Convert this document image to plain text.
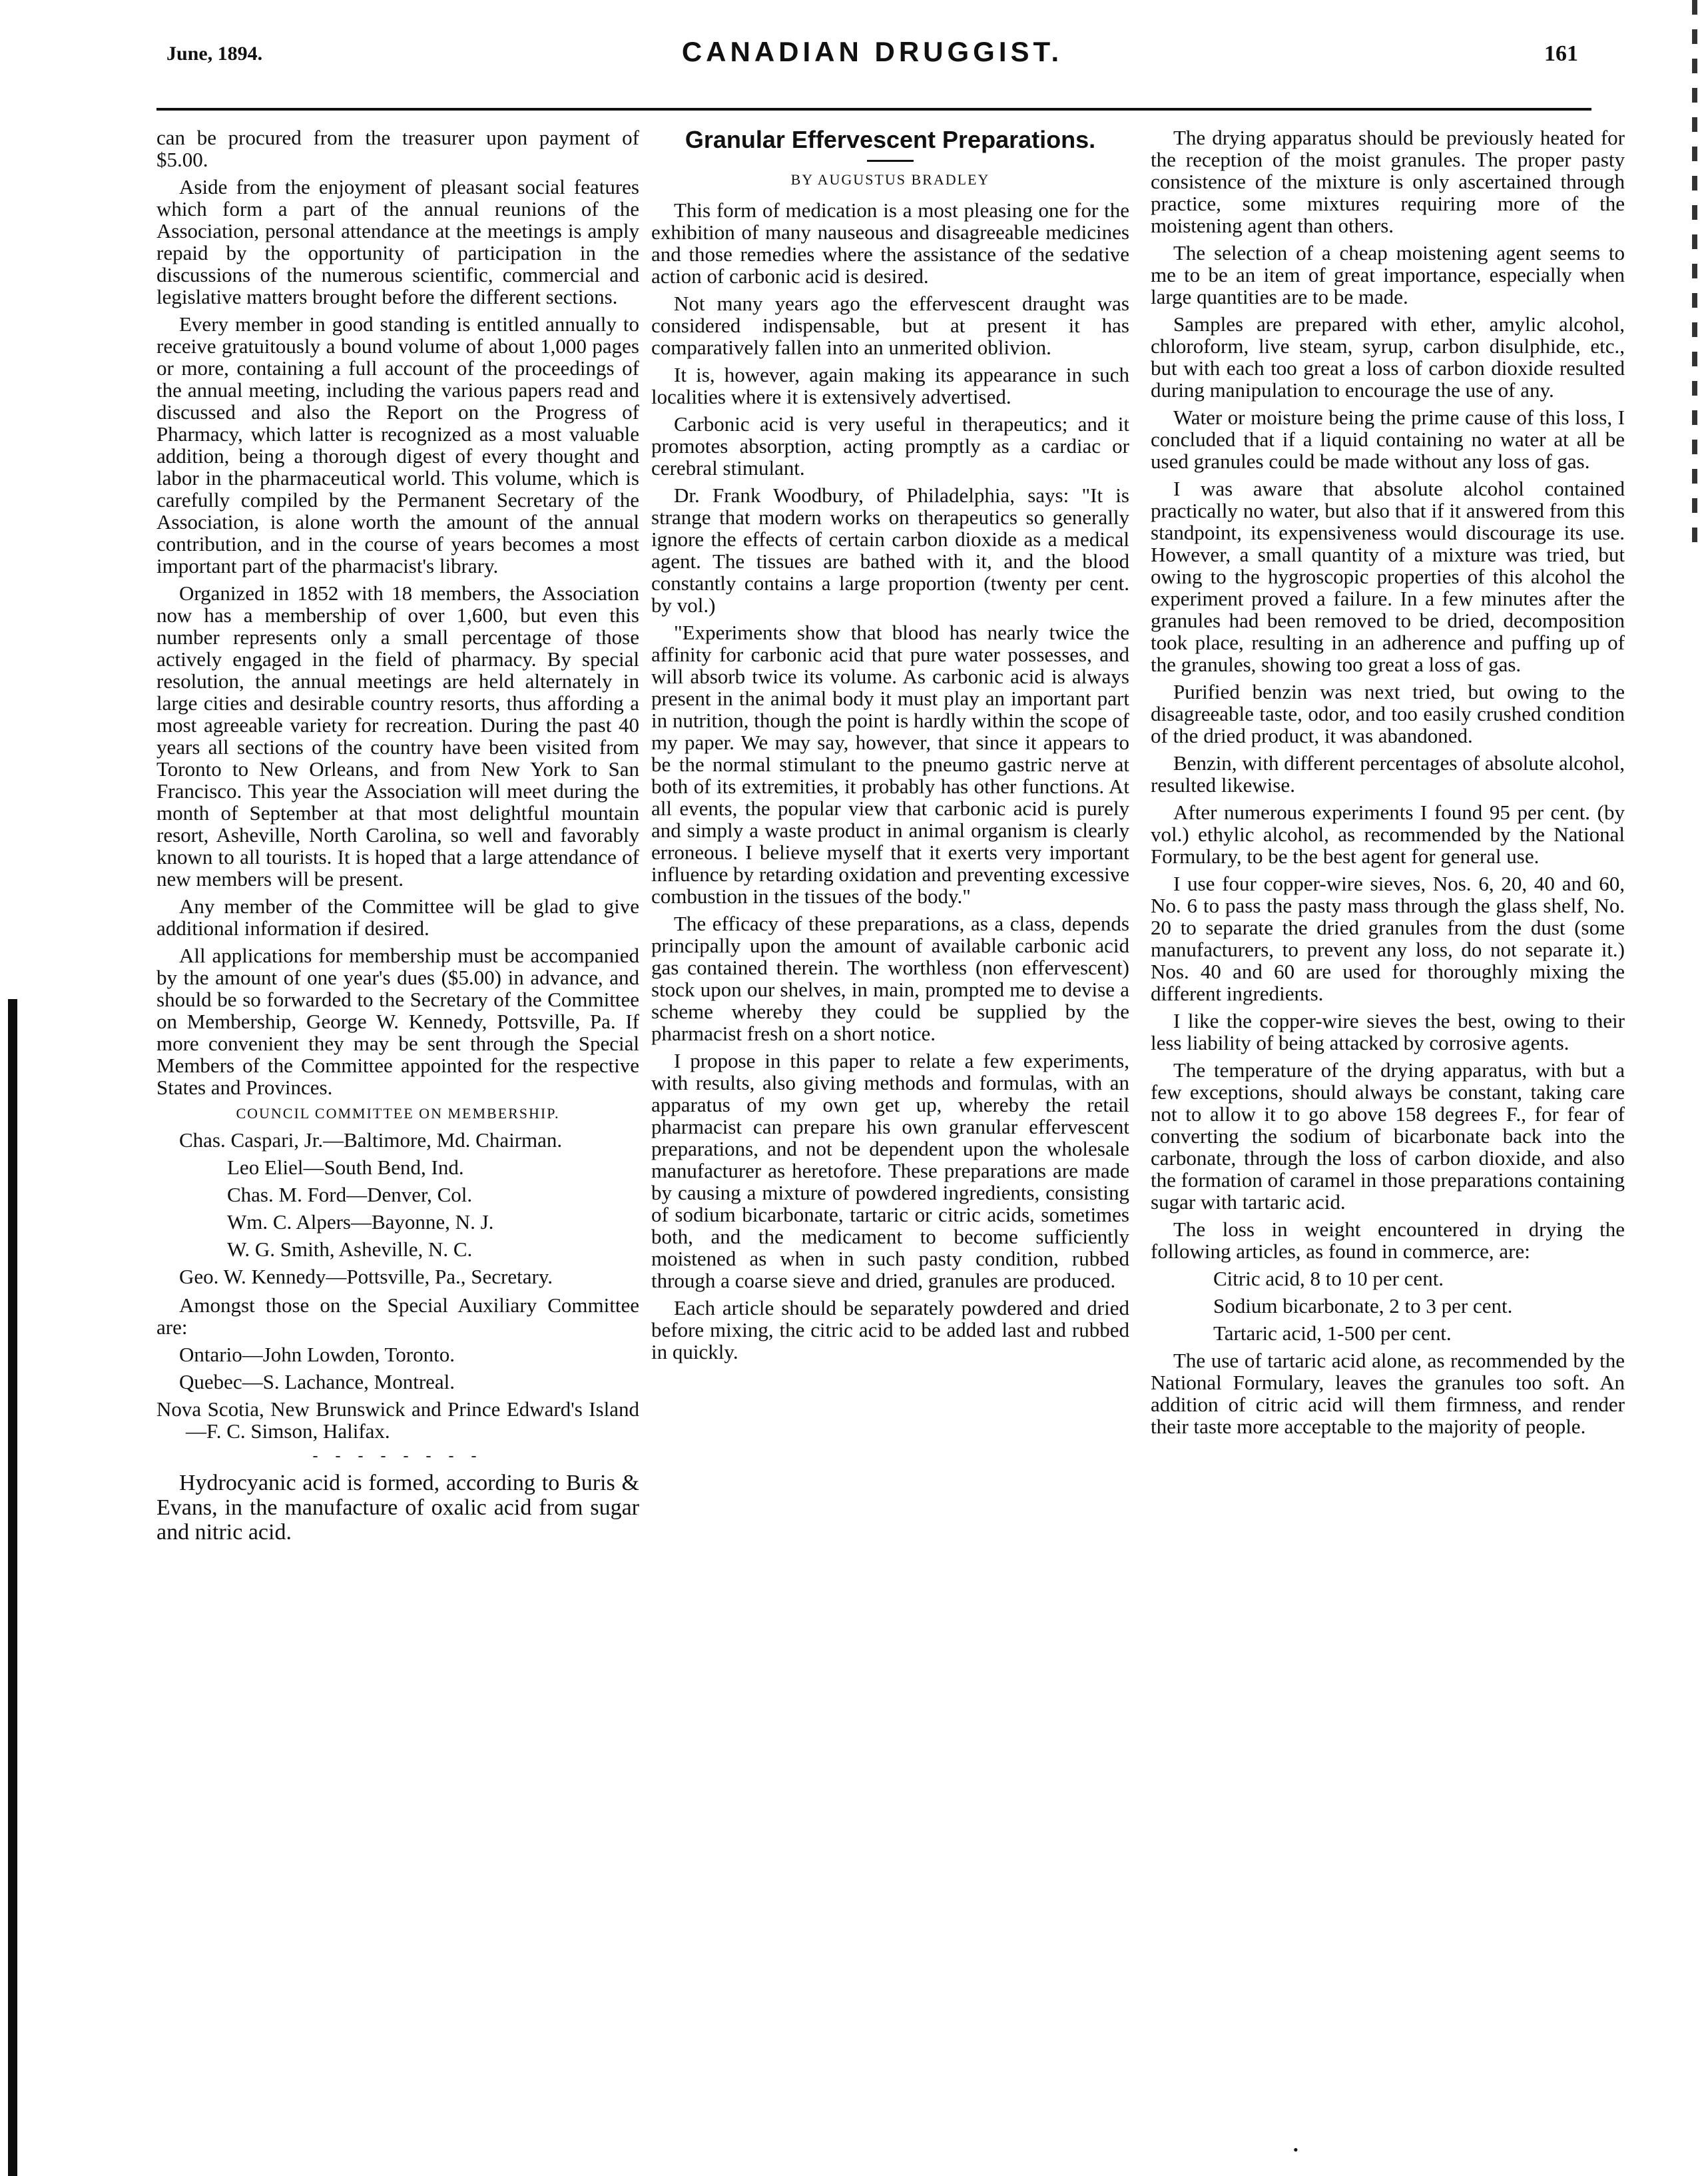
June, 1894.	CANADIAN DRUGGIST.	161

can be procured from the treasurer upon payment of $5.00.

Aside from the enjoyment of pleasant social features which form a part of the annual reunions of the Association, personal attendance at the meetings is amply repaid by the opportunity of participation in the discussions of the numerous scientific, commercial and legislative matters brought before the different sections.

Every member in good standing is entitled annually to receive gratuitously a bound volume of about 1,000 pages or more, containing a full account of the proceedings of the annual meeting, including the various papers read and discussed and also the Report on the Progress of Pharmacy, which latter is recognized as a most valuable addition, being a thorough digest of every thought and labor in the pharmaceutical world. This volume, which is carefully compiled by the Permanent Secretary of the Association, is alone worth the amount of the annual contribution, and in the course of years becomes a most important part of the pharmacist's library.

Organized in 1852 with 18 members, the Association now has a membership of over 1,600, but even this number represents only a small percentage of those actively engaged in the field of pharmacy. By special resolution, the annual meetings are held alternately in large cities and desirable country resorts, thus affording a most agreeable variety for recreation. During the past 40 years all sections of the country have been visited from Toronto to New Orleans, and from New York to San Francisco. This year the Association will meet during the month of September at that most delightful mountain resort, Asheville, North Carolina, so well and favorably known to all tourists. It is hoped that a large attendance of new members will be present.

Any member of the Committee will be glad to give additional information if desired.

All applications for membership must be accompanied by the amount of one year's dues ($5.00) in advance, and should be so forwarded to the Secretary of the Committee on Membership, George W. Kennedy, Pottsville, Pa. If more convenient they may be sent through the Special Members of the Committee appointed for the respective States and Provinces.

COUNCIL COMMITTEE ON MEMBERSHIP.

Chas. Caspari, Jr.—Baltimore, Md. Chairman.

Leo Eliel—South Bend, Ind.

Chas. M. Ford—Denver, Col.

Wm. C. Alpers—Bayonne, N. J.

W. G. Smith, Asheville, N. C.

Geo. W. Kennedy—Pottsville, Pa., Secretary.

Amongst those on the Special Auxiliary Committee are:

Ontario—John Lowden, Toronto.

Quebec—S. Lachance, Montreal.

Nova Scotia, New Brunswick and Prince Edward's Island—F. C. Simson, Halifax.

- - - - - - - -

Hydrocyanic acid is formed, according to Buris & Evans, in the manufacture of oxalic acid from sugar and nitric acid.

Granular Effervescent Preparations.
BY AUGUSTUS BRADLEY

This form of medication is a most pleasing one for the exhibition of many nauseous and disagreeable medicines and those remedies where the assistance of the sedative action of carbonic acid is desired.

Not many years ago the effervescent draught was considered indispensable, but at present it has comparatively fallen into an unmerited oblivion.

It is, however, again making its appearance in such localities where it is extensively advertised.

Carbonic acid is very useful in therapeutics; and it promotes absorption, acting promptly as a cardiac or cerebral stimulant.

Dr. Frank Woodbury, of Philadelphia, says: "It is strange that modern works on therapeutics so generally ignore the effects of certain carbon dioxide as a medical agent. The tissues are bathed with it, and the blood constantly contains a large proportion (twenty per cent. by vol.)

"Experiments show that blood has nearly twice the affinity for carbonic acid that pure water possesses, and will absorb twice its volume. As carbonic acid is always present in the animal body it must play an important part in nutrition, though the point is hardly within the scope of my paper. We may say, however, that since it appears to be the normal stimulant to the pneumo gastric nerve at both of its extremities, it probably has other functions. At all events, the popular view that carbonic acid is purely and simply a waste product in animal organism is clearly erroneous. I believe myself that it exerts very important influence by retarding oxidation and preventing excessive combustion in the tissues of the body."

The efficacy of these preparations, as a class, depends principally upon the amount of available carbonic acid gas contained therein. The worthless (non effervescent) stock upon our shelves, in main, prompted me to devise a scheme whereby they could be supplied by the pharmacist fresh on a short notice.

I propose in this paper to relate a few experiments, with results, also giving methods and formulas, with an apparatus of my own get up, whereby the retail pharmacist can prepare his own granular effervescent preparations, and not be dependent upon the wholesale manufacturer as heretofore. These preparations are made by causing a mixture of powdered ingredients, consisting of sodium bicarbonate, tartaric or citric acids, sometimes both, and the medicament to become sufficiently moistened as when in such pasty condition, rubbed through a coarse sieve and dried, granules are produced.

Each article should be separately powdered and dried before mixing, the citric acid to be added last and rubbed in quickly.

The drying apparatus should be previously heated for the reception of the moist granules. The proper pasty consistence of the mixture is only ascertained through practice, some mixtures requiring more of the moistening agent than others.

The selection of a cheap moistening agent seems to me to be an item of great importance, especially when large quantities are to be made.

Samples are prepared with ether, amylic alcohol, chloroform, live steam, syrup, carbon disulphide, etc., but with each too great a loss of carbon dioxide resulted during manipulation to encourage the use of any.

Water or moisture being the prime cause of this loss, I concluded that if a liquid containing no water at all be used granules could be made without any loss of gas.

I was aware that absolute alcohol contained practically no water, but also that if it answered from this standpoint, its expensiveness would discourage its use. However, a small quantity of a mixture was tried, but owing to the hygroscopic properties of this alcohol the experiment proved a failure. In a few minutes after the granules had been removed to be dried, decomposition took place, resulting in an adherence and puffing up of the granules, showing too great a loss of gas.

Purified benzin was next tried, but owing to the disagreeable taste, odor, and too easily crushed condition of the dried product, it was abandoned.

Benzin, with different percentages of absolute alcohol, resulted likewise.

After numerous experiments I found 95 per cent. (by vol.) ethylic alcohol, as recommended by the National Formulary, to be the best agent for general use.

I use four copper-wire sieves, Nos. 6, 20, 40 and 60, No. 6 to pass the pasty mass through the glass shelf, No. 20 to separate the dried granules from the dust (some manufacturers, to prevent any loss, do not separate it.) Nos. 40 and 60 are used for thoroughly mixing the different ingredients.

I like the copper-wire sieves the best, owing to their less liability of being attacked by corrosive agents.

The temperature of the drying apparatus, with but a few exceptions, should always be constant, taking care not to allow it to go above 158 degrees F., for fear of converting the sodium of bicarbonate back into the carbonate, through the loss of carbon dioxide, and also the formation of caramel in those preparations containing sugar with tartaric acid.

The loss in weight encountered in drying the following articles, as found in commerce, are:

Citric acid, 8 to 10 per cent.

Sodium bicarbonate, 2 to 3 per cent.

Tartaric acid, 1-500 per cent.

The use of tartaric acid alone, as recommended by the National Formulary, leaves the granules too soft. An addition of citric acid will them firmness, and render their taste more acceptable to the majority of people.

•
